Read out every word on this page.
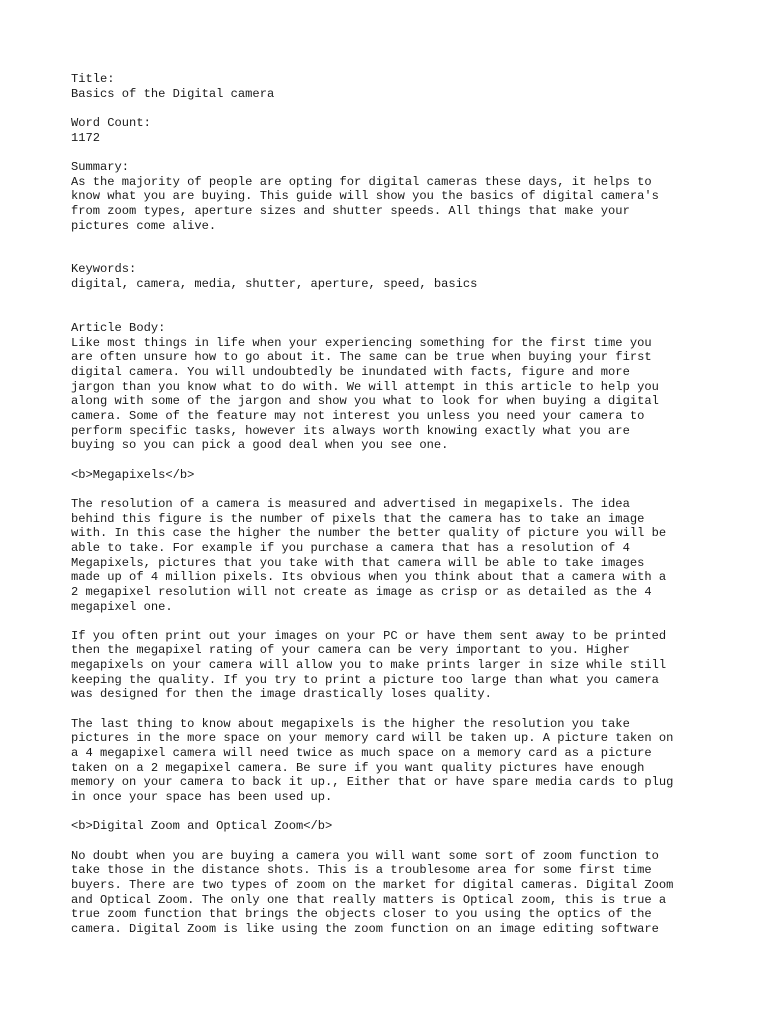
Title:
Basics of the Digital camera
Word Count:
1172
Summary:
As the majority of people are opting for digital cameras these days, it helps to
know what you are buying. This guide will show you the basics of digital camera's
from zoom types, aperture sizes and shutter speeds. All things that make your
pictures come alive.
Keywords:
digital, camera, media, shutter, aperture, speed, basics
Article Body:
Like most things in life when your experiencing something for the first time you
are often unsure how to go about it. The same can be true when buying your first
digital camera. You will undoubtedly be inundated with facts, figure and more
jargon than you know what to do with. We will attempt in this article to help you
along with some of the jargon and show you what to look for when buying a digital
camera. Some of the feature may not interest you unless you need your camera to
perform specific tasks, however its always worth knowing exactly what you are
buying so you can pick a good deal when you see one.
<b>Megapixels</b>
The resolution of a camera is measured and advertised in megapixels. The idea
behind this figure is the number of pixels that the camera has to take an image
with. In this case the higher the number the better quality of picture you will be
able to take. For example if you purchase a camera that has a resolution of 4
Megapixels, pictures that you take with that camera will be able to take images
made up of 4 million pixels. Its obvious when you think about that a camera with a
2 megapixel resolution will not create as image as crisp or as detailed as the 4
megapixel one.
If you often print out your images on your PC or have them sent away to be printed
then the megapixel rating of your camera can be very important to you. Higher
megapixels on your camera will allow you to make prints larger in size while still
keeping the quality. If you try to print a picture too large than what you camera
was designed for then the image drastically loses quality.
The last thing to know about megapixels is the higher the resolution you take
pictures in the more space on your memory card will be taken up. A picture taken on
a 4 megapixel camera will need twice as much space on a memory card as a picture
taken on a 2 megapixel camera. Be sure if you want quality pictures have enough
memory on your camera to back it up., Either that or have spare media cards to plug
in once your space has been used up.
<b>Digital Zoom and Optical Zoom</b>
No doubt when you are buying a camera you will want some sort of zoom function to
take those in the distance shots. This is a troublesome area for some first time
buyers. There are two types of zoom on the market for digital cameras. Digital Zoom
and Optical Zoom. The only one that really matters is Optical zoom, this is true a
true zoom function that brings the objects closer to you using the optics of the
camera. Digital Zoom is like using the zoom function on an image editing software
